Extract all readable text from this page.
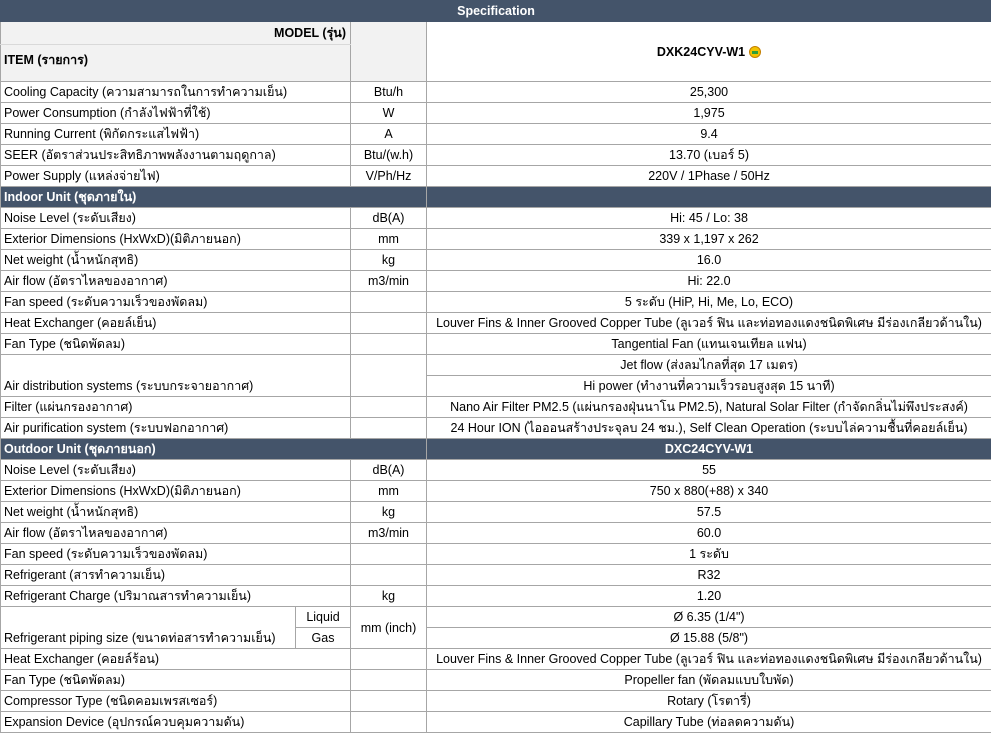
Specification			
MODEL (รุ่น)			DXK24CYV-W1
ITEM (รายการ)			
Cooling Capacity (ความสามารถในการทำความเย็น)		Btu/h	25,300
Power Consumption (กำลังไฟฟ้าที่ใช้)		W	1,975
Running Current (พิกัดกระแสไฟฟ้า)		A	9.4
SEER (อัตราส่วนประสิทธิภาพพลังงานตามฤดูกาล)		Btu/(w.h)	13.70 (เบอร์ 5)
Power Supply (แหล่งจ่ายไฟ)		V/Ph/Hz	220V / 1Phase / 50Hz
Indoor Unit (ชุดภายใน)			
Noise Level (ระดับเสียง)		dB(A)	Hi: 45 / Lo: 38
Exterior Dimensions (HxWxD)(มิติภายนอก)		mm	339 x 1,197 x 262
Net weight (น้ำหนักสุทธิ)		kg	16.0
Air flow (อัตราไหลของอากาศ)		m3/min	Hi: 22.0
Fan speed (ระดับความเร็วของพัดลม)			5 ระดับ (HiP, Hi, Me, Lo, ECO)
Heat Exchanger (คอยล์เย็น)			Louver Fins & Inner Grooved Copper Tube (ลูเวอร์ ฟิน และท่อทองแดงชนิดพิเศษ มีร่องเกลียวด้านใน)
Fan Type (ชนิดพัดลม)			Tangential Fan (แทนเจนเทียล แฟน)
Air distribution systems (ระบบกระจายอากาศ)			Jet flow (ส่งลมไกลที่สุด 17 เมตร)
			Hi power (ทำงานที่ความเร็วรอบสูงสุด 15 นาที)
Filter (แผ่นกรองอากาศ)			Nano Air Filter PM2.5 (แผ่นกรองฝุ่นนาโน PM2.5), Natural Solar Filter (กำจัดกลิ่นไม่พึงประสงค์)
Air purification system (ระบบฟอกอากาศ)			24 Hour ION (ไอออนสร้างประจุลบ 24 ชม.), Self Clean Operation (ระบบไล่ความชื้นที่คอยล์เย็น)
Outdoor Unit (ชุดภายนอก)			DXC24CYV-W1
Noise Level (ระดับเสียง)		dB(A)	55
Exterior Dimensions (HxWxD)(มิติภายนอก)		mm	750 x 880(+88) x 340
Net weight (น้ำหนักสุทธิ)		kg	57.5
Air flow (อัตราไหลของอากาศ)		m3/min	60.0
Fan speed (ระดับความเร็วของพัดลม)			1 ระดับ
Refrigerant (สารทำความเย็น)			R32
Refrigerant Charge (ปริมาณสารทำความเย็น)		kg	1.20
Refrigerant piping size (ขนาดท่อสารทำความเย็น)	Liquid	mm (inch)	Ø 6.35 (1/4")
	Gas		Ø 15.88 (5/8")
Heat Exchanger (คอยล์ร้อน)			Louver Fins & Inner Grooved Copper Tube (ลูเวอร์ ฟิน และท่อทองแดงชนิดพิเศษ มีร่องเกลียวด้านใน)
Fan Type (ชนิดพัดลม)			Propeller fan (พัดลมแบบใบพัด)
Compressor Type (ชนิดคอมเพรสเซอร์)			Rotary (โรตารี่)
Expansion Device (อุปกรณ์ควบคุมความดัน)			Capillary Tube (ท่อลดความดัน)
